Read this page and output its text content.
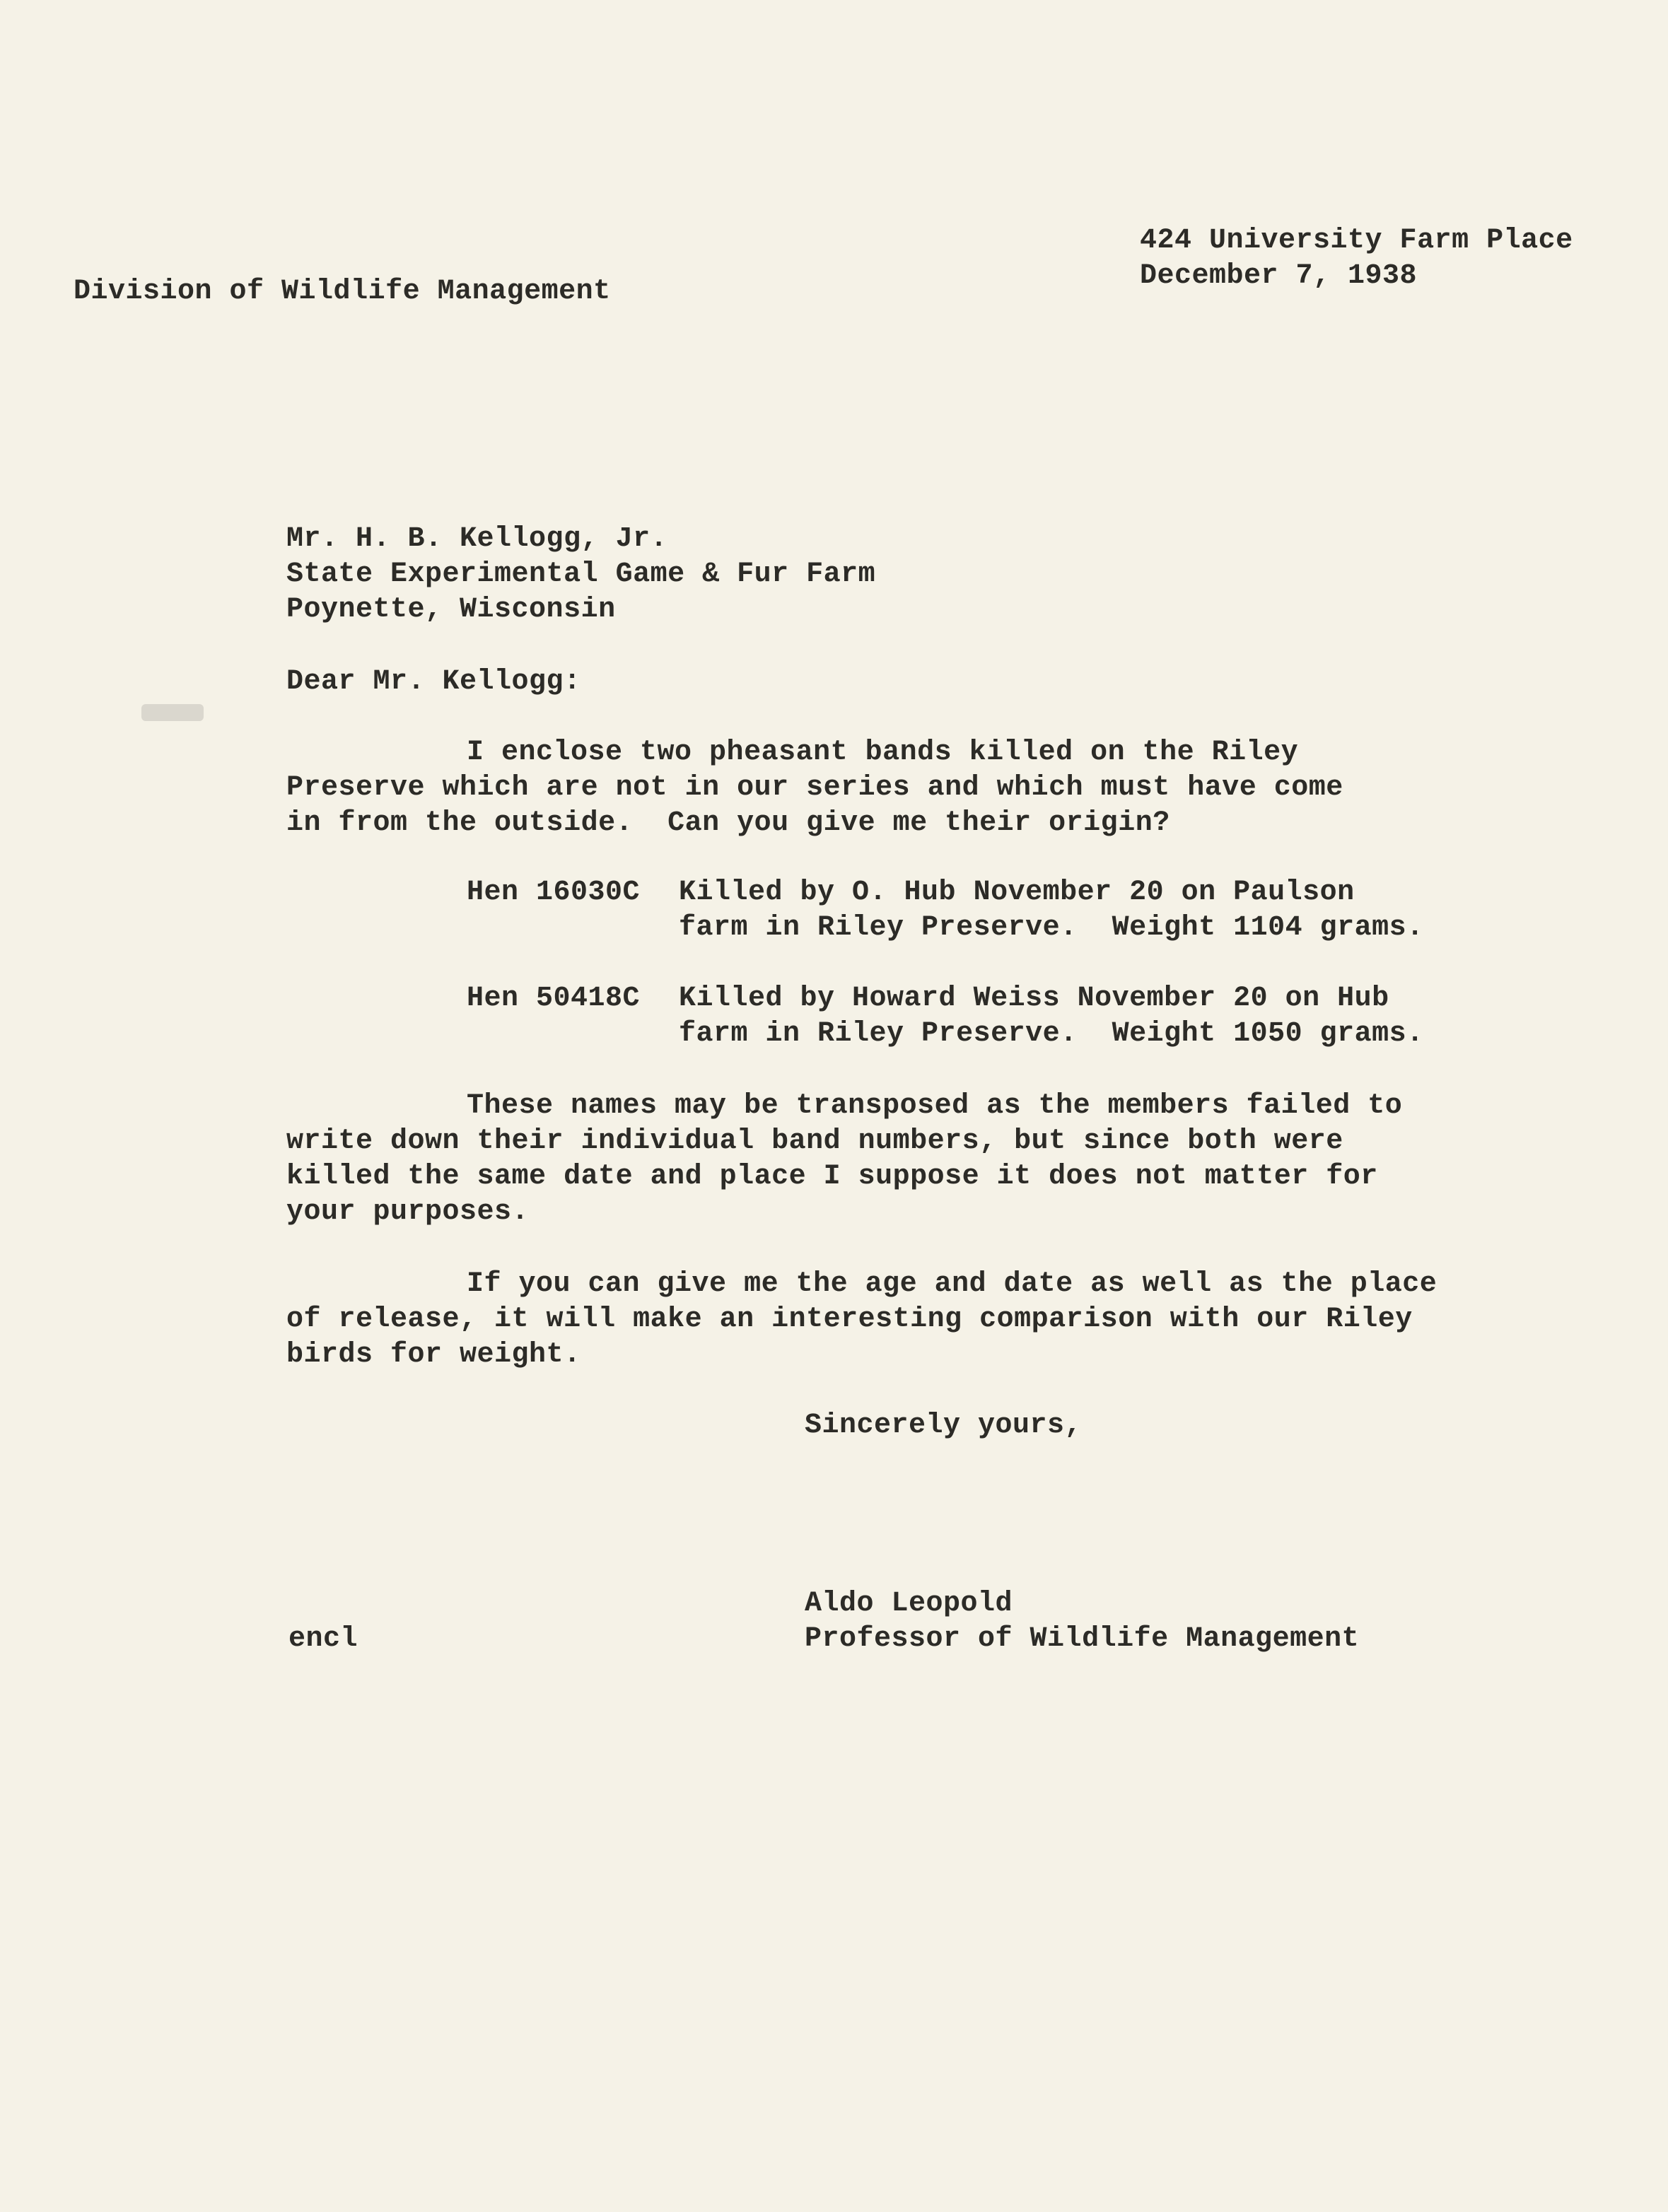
424 University Farm Place

December 7, 1938

Division of Wildlife Management

Mr. H. B. Kellogg, Jr.

State Experimental Game & Fur Farm

Poynette, Wisconsin

Dear Mr. Kellogg:

I enclose two pheasant bands killed on the Riley

Preserve which are not in our series and which must have come

in from the outside.  Can you give me their origin?

Hen 16030C Killed by O. Hub November 20 on Paulson

farm in Riley Preserve.  Weight 1104 grams.

Hen 50418C Killed by Howard Weiss November 20 on Hub

farm in Riley Preserve.  Weight 1050 grams.

These names may be transposed as the members failed to

write down their individual band numbers, but since both were

killed the same date and place I suppose it does not matter for

your purposes.

If you can give me the age and date as well as the place

of release, it will make an interesting comparison with our Riley

birds for weight.

Sincerely yours,

Aldo Leopold

Professor of Wildlife Management

encl
